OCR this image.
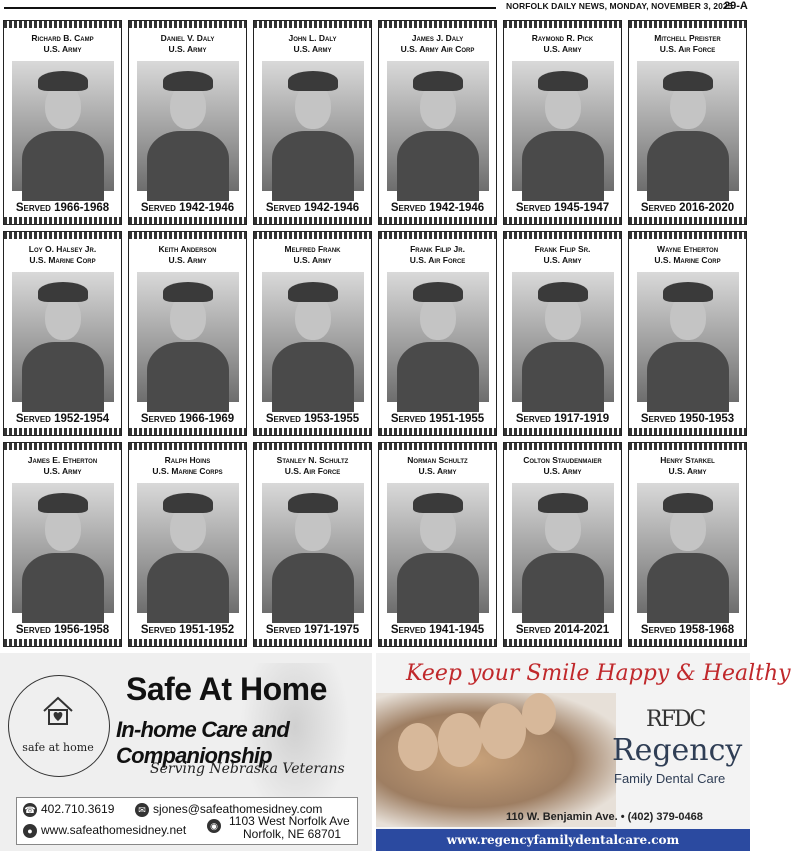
NORFOLK DAILY NEWS, MONDAY, NOVEMBER 3, 2025
29-A
Richard B. Camp
U.S. Army
Served 1966-1968
Daniel V. Daly
U.S. Army
Served 1942-1946
John L. Daly
U.S. Army
Served 1942-1946
James J. Daly
U.S. Army Air Corp
Served 1942-1946
Raymond R. Pick
U.S. Army
Served 1945-1947
Mitchell Preister
U.S. Air Force
Served 2016-2020
Loy O. Halsey Jr.
U.S. Marine Corp
Served 1952-1954
Keith Anderson
U.S. Army
Served 1966-1969
Melfred Frank
U.S. Army
Served 1953-1955
Frank Filip Jr.
U.S. Air Force
Served 1951-1955
Frank Filip Sr.
U.S. Army
Served 1917-1919
Wayne Etherton
U.S. Marine Corp
Served 1950-1953
James E. Etherton
U.S. Army
Served 1956-1958
Ralph Hoins
U.S. Marine Corps
Served 1951-1952
Stanley N. Schultz
U.S. Air Force
Served 1971-1975
Norman Schultz
U.S. Army
Served 1941-1945
Colton Staudenmaier
U.S. Army
Served 2014-2021
Henry Starkel
U.S. Army
Served 1958-1968
safe at home
Safe At Home
In-home Care and Companionship
Serving Nebraska Veterans
☎ 402.710.3619	✉ sjones@safeathomesidney.com
● www.safeathomesidney.net	◉ 1103 West Norfolk Ave
Norfolk, NE 68701
Keep your Smile Happy & Healthy
RFDC
Regency
Family Dental Care
110 W. Benjamin Ave. • (402) 379-0468
www.regencyfamilydentalcare.com
